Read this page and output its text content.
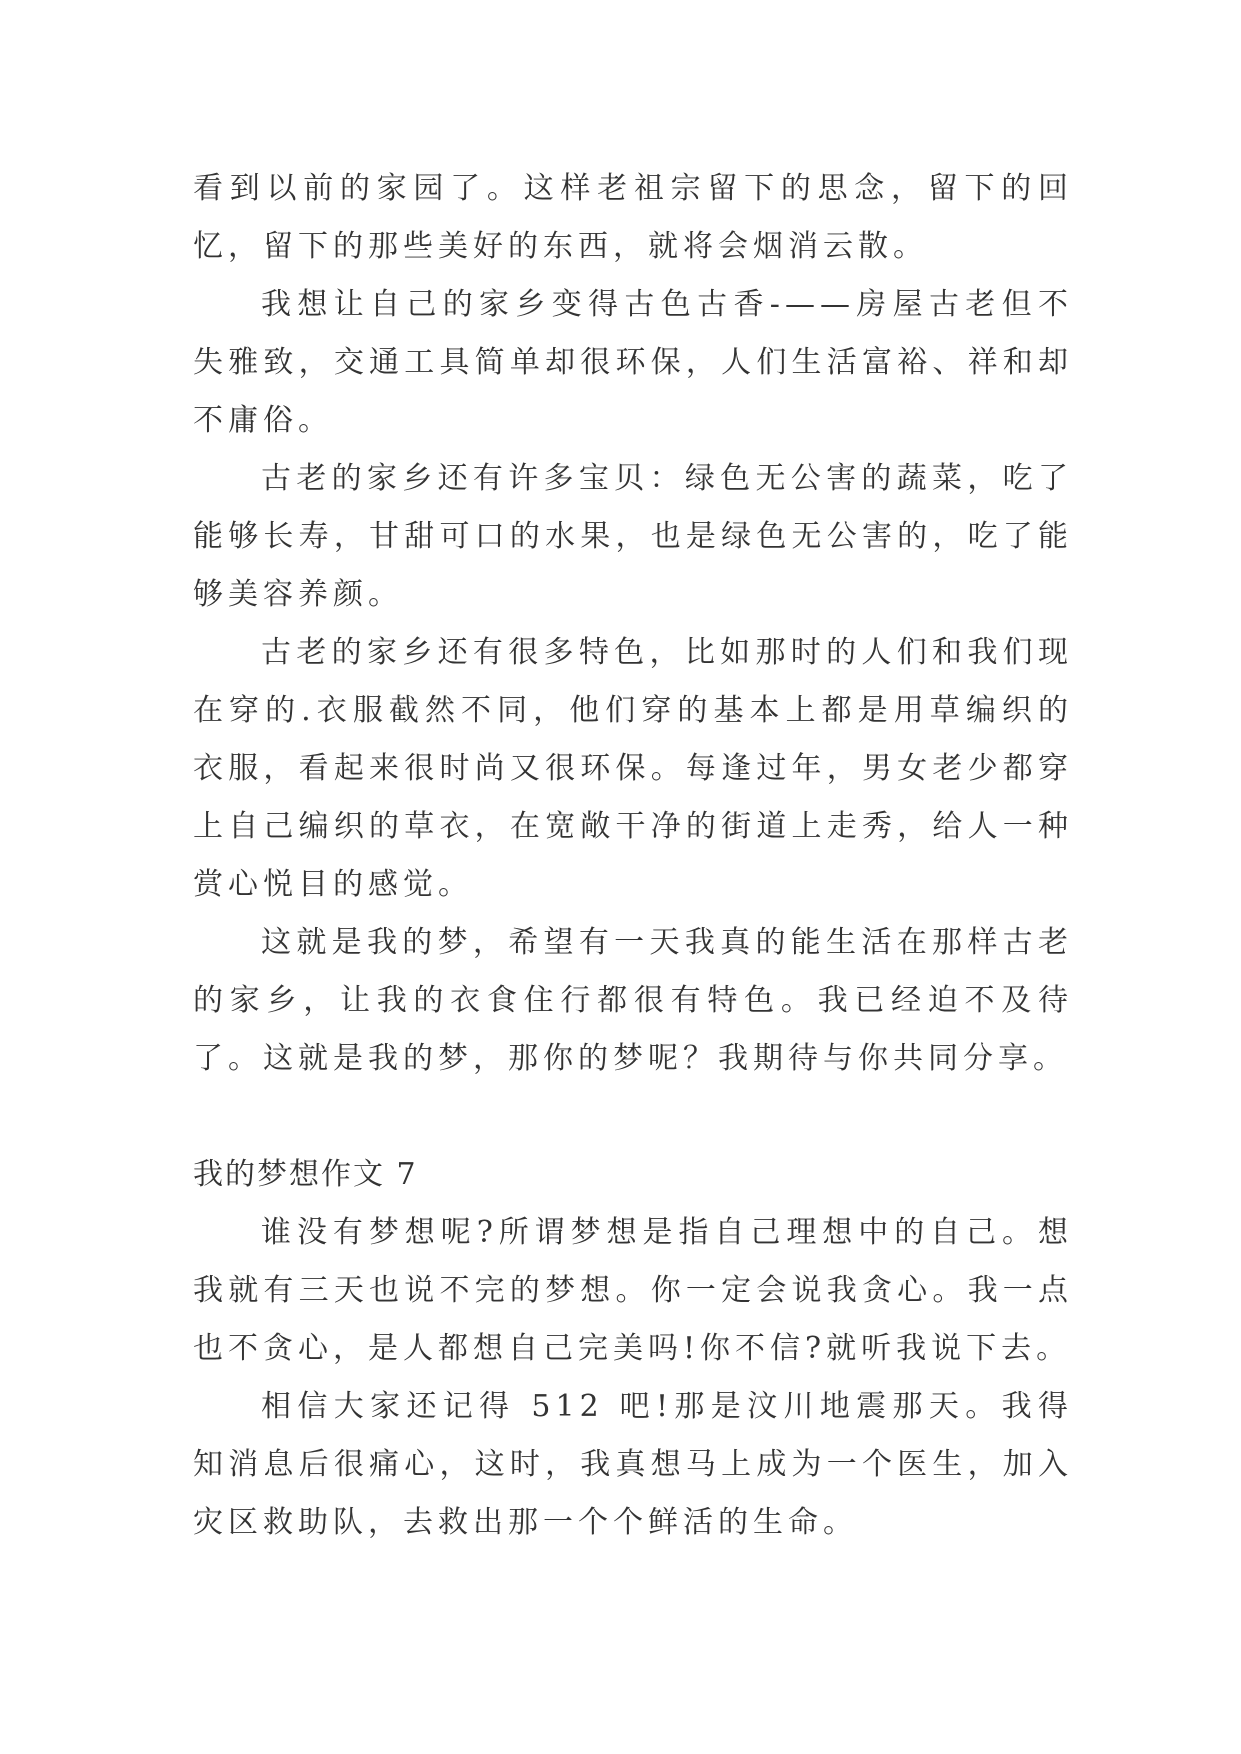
看到以前的家园了。这样老祖宗留下的思念，留下的回忆，留下的那些美好的东西，就将会烟消云散。

我想让自己的家乡变得古色古香-——房屋古老但不失雅致，交通工具简单却很环保，人们生活富裕、祥和却不庸俗。

古老的家乡还有许多宝贝：绿色无公害的蔬菜，吃了能够长寿，甘甜可口的水果，也是绿色无公害的，吃了能够美容养颜。

古老的家乡还有很多特色，比如那时的人们和我们现在穿的.衣服截然不同，他们穿的基本上都是用草编织的衣服，看起来很时尚又很环保。每逢过年，男女老少都穿上自己编织的草衣，在宽敞干净的街道上走秀，给人一种赏心悦目的感觉。

这就是我的梦，希望有一天我真的能生活在那样古老的家乡，让我的衣食住行都很有特色。我已经迫不及待了。这就是我的梦，那你的梦呢？我期待与你共同分享。

我的梦想作文 7

谁没有梦想呢?所谓梦想是指自己理想中的自己。想我就有三天也说不完的梦想。你一定会说我贪心。我一点也不贪心，是人都想自己完美吗!你不信?就听我说下去。

相信大家还记得 512 吧!那是汶川地震那天。我得知消息后很痛心，这时，我真想马上成为一个医生，加入灾区救助队，去救出那一个个鲜活的生命。
